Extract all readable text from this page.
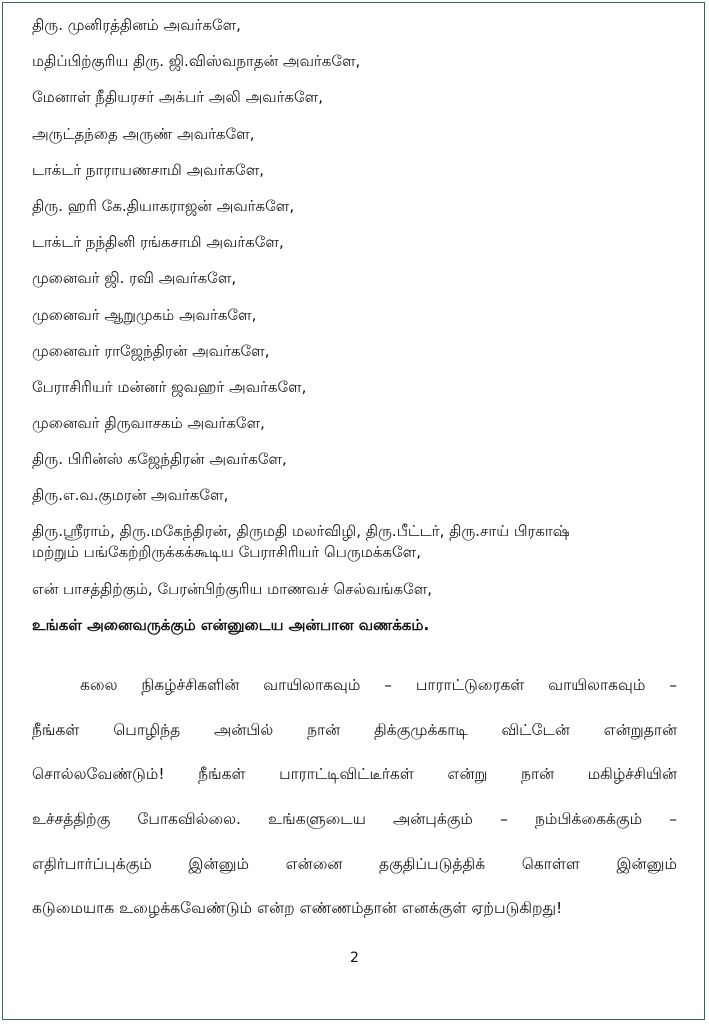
திரு. முனிரத்தினம் அவர்களே,
மதிப்பிற்குரிய திரு. ஜி.விஸ்வநாதன் அவர்களே,
மேனாள் நீதியரசர் அக்பர் அலி அவர்களே,
அருட்தந்தை அருண் அவர்களே,
டாக்டர் நாராயணசாமி அவர்களே,
திரு. ஹரி கே.தியாகராஜன் அவர்களே,
டாக்டர் நந்தினி ரங்கசாமி அவர்களே,
முனைவர் ஜி. ரவி அவர்களே,
முனைவர் ஆறுமுகம் அவர்களே,
முனைவர் ராஜேந்திரன் அவர்களே,
பேராசிரியர் மன்னர் ஜவஹர் அவர்களே,
முனைவர் திருவாசகம் அவர்களே,
திரு. பிரின்ஸ் கஜேந்திரன் அவர்களே,
திரு.எ.வ.குமரன் அவர்களே,
திரு.ஸ்ரீராம், திரு.மகேந்திரன், திருமதி மலர்விழி, திரு.பீட்டர், திரு.சாய் பிரகாஷ்
மற்றும் பங்கேற்றிருக்கக்கூடிய பேராசிரியர் பெருமக்களே,
என் பாசத்திற்கும், பேரன்பிற்குரிய மாணவச் செல்வங்களே,
உங்கள் அனைவருக்கும் என்னுடைய அன்பான வணக்கம்.
கலை நிகழ்ச்சிகளின் வாயிலாகவும் – பாராட்டுரைகள் வாயிலாகவும் –
நீங்கள் பொழிந்த அன்பில் நான் திக்குமுக்காடி விட்டேன் என்றுதான்
சொல்லவேண்டும்! நீங்கள் பாராட்டிவிட்டீர்கள் என்று நான் மகிழ்ச்சியின்
உச்சத்திற்கு போகவில்லை. உங்களுடைய அன்புக்கும் – நம்பிக்கைக்கும் –
எதிர்பார்ப்புக்கும் இன்னும் என்னை தகுதிப்படுத்திக் கொள்ள இன்னும்
கடுமையாக உழைக்கவேண்டும் என்ற எண்ணம்தான் எனக்குள் ஏற்படுகிறது!
2
